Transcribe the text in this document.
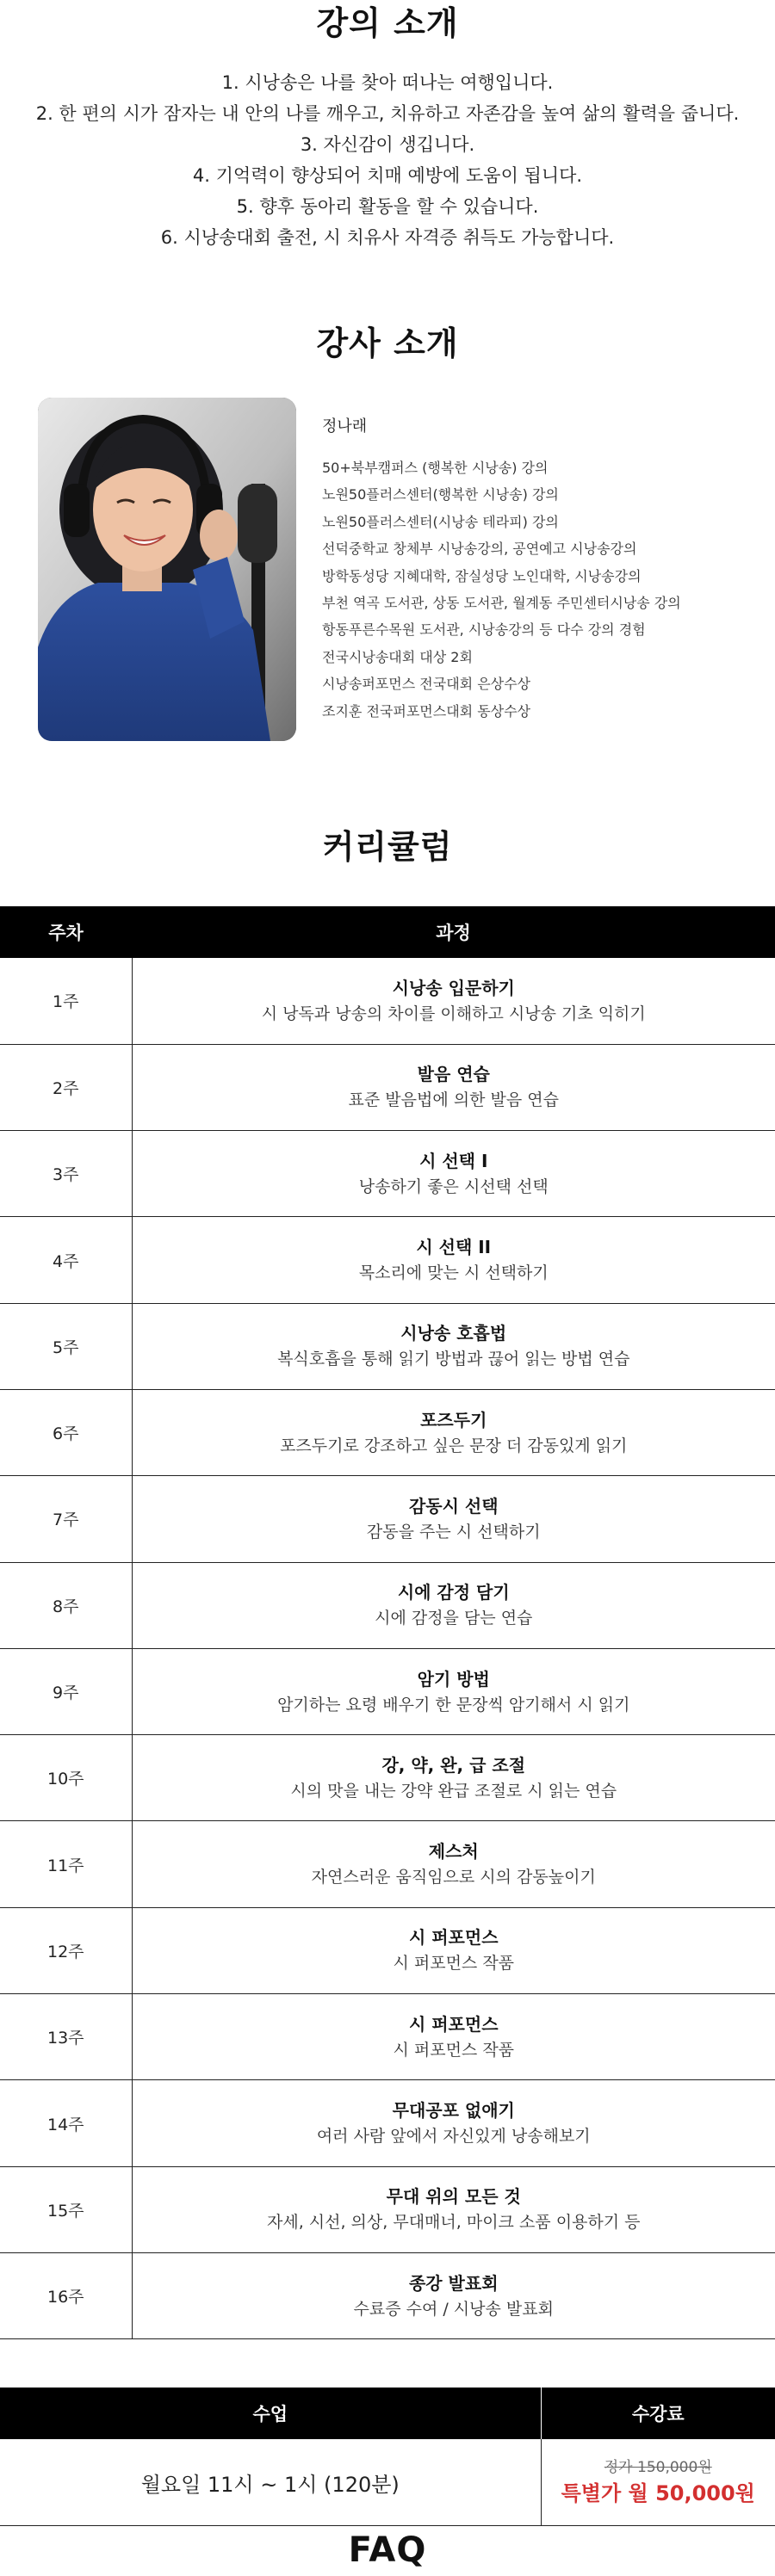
강의 소개
1. 시낭송은 나를 찾아 떠나는 여행입니다.
2. 한 편의 시가 잠자는 내 안의 나를 깨우고, 치유하고 자존감을 높여 삶의 활력을 줍니다.
3. 자신감이 생깁니다.
4. 기억력이 향상되어 치매 예방에 도움이 됩니다.
5. 향후 동아리 활동을 할 수 있습니다.
6. 시낭송대회 출전, 시 치유사 자격증 취득도 가능합니다.
강사 소개
정나래
50+북부캠퍼스 (행복한 시낭송) 강의
노원50플러스센터(행복한 시낭송) 강의
노원50플러스센터(시낭송 테라피) 강의
선덕중학교 창체부 시낭송강의, 공연예고 시낭송강의
방학동성당 지혜대학, 잠실성당 노인대학, 시낭송강의
부천 역곡 도서관, 상동 도서관, 월계동 주민센터시낭송 강의
항동푸른수목원 도서관, 시낭송강의 등 다수 강의 경험
전국시낭송대회 대상 2회
시낭송퍼포먼스 전국대회 은상수상
조지훈 전국퍼포먼스대회 동상수상
커리큘럼
주차	과정
1주	시낭송 입문하기
시 낭독과 낭송의 차이를 이해하고 시낭송 기초 익히기

2주	발음 연습
표준 발음법에 의한 발음 연습

3주	시 선택 I
낭송하기 좋은 시선택 선택

4주	시 선택 II
목소리에 맞는 시 선택하기

5주	시낭송 호흡법
복식호흡을 통해 읽기 방법과 끊어 읽는 방법 연습

6주	포즈두기
포즈두기로 강조하고 싶은 문장 더 감동있게 읽기

7주	감동시 선택
감동을 주는 시 선택하기

8주	시에 감정 담기
시에 감정을 담는 연습

9주	암기 방법
암기하는 요령 배우기 한 문장씩 암기해서 시 읽기

10주	강, 약, 완, 급 조절
시의 맛을 내는 강약 완급 조절로 시 읽는 연습

11주	제스처
자연스러운 움직임으로 시의 감동높이기

12주	시 퍼포먼스
시 퍼포먼스 작품

13주	시 퍼포먼스
시 퍼포먼스 작품

14주	무대공포 없애기
여러 사람 앞에서 자신있게 낭송해보기

15주	무대 위의 모든 것
자세, 시선, 의상, 무대매너, 마이크 소품 이용하기 등

16주	종강 발표회
수료증 수여 / 시낭송 발표회
수업	수강료
월요일 11시 ~ 1시 (120분)	정가 150,000원
특별가 월 50,000원
FAQ
